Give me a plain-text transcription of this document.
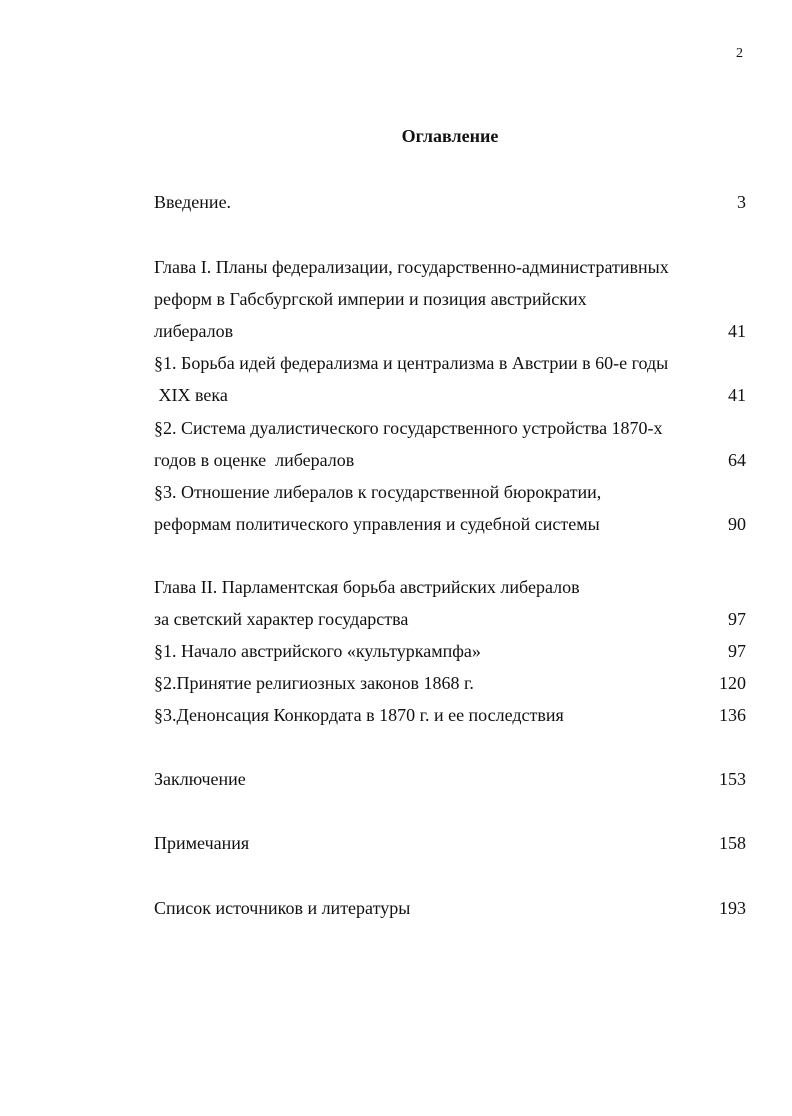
2
Оглавление
Введение.	3
Глава I. Планы федерализации, государственно-административных
реформ в Габсбургской империи и позиция австрийских
либералов	41
§1. Борьба идей федерализма и централизма в Австрии в 60-е годы
XIX века	41
§2. Система дуалистического государственного устройства 1870-х
годов в оценке  либералов	64
§3. Отношение либералов к государственной бюрократии,
реформам политического управления и судебной системы	90
Глава II. Парламентская борьба австрийских либералов
за светский характер государства	97
§1. Начало австрийского «культуркампфа»	97
§2.Принятие религиозных законов 1868 г.	120
§3.Денонсация Конкордата в 1870 г. и ее последствия	136
Заключение	153
Примечания	158
Список источников и литературы	193
